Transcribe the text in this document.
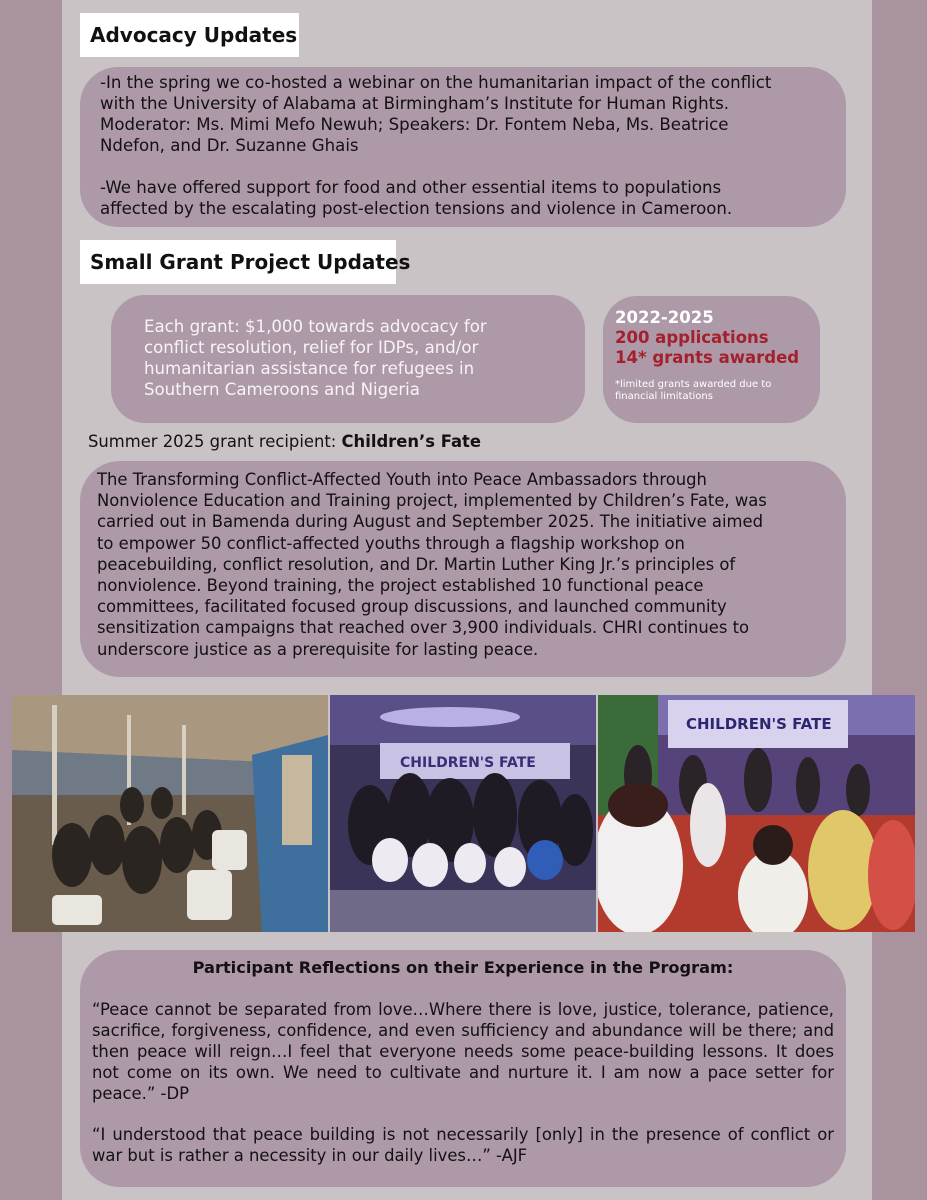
Advocacy Updates

-In the spring we co-hosted a webinar on the humanitarian impact of the conflict
with the University of Alabama at Birmingham’s Institute for Human Rights.
Moderator: Ms. Mimi Mefo Newuh; Speakers: Dr. Fontem Neba, Ms. Beatrice
Ndefon, and Dr. Suzanne Ghais

-We have offered support for food and other essential items to populations
affected by the escalating post-election tensions and violence in Cameroon.

Small Grant Project Updates

Each grant: $1,000 towards advocacy for
conflict resolution, relief for IDPs, and/or
humanitarian assistance for refugees in
Southern Cameroons and Nigeria

2022-2025
200 applications
14* grants awarded
*limited grants awarded due to
financial limitations
Summer 2025 grant recipient: Children’s Fate

The Transforming Conflict-Affected Youth into Peace Ambassadors through
Nonviolence Education and Training project, implemented by Children’s Fate, was
carried out in Bamenda during August and September 2025. The initiative aimed
to empower 50 conflict-affected youths through a flagship workshop on
peacebuilding, conflict resolution, and Dr. Martin Luther King Jr.’s principles of
nonviolence. Beyond training, the project established 10 functional peace
committees, facilitated focused group discussions, and launched community
sensitization campaigns that reached over 3,900 individuals. CHRI continues to
underscore justice as a prerequisite for lasting peace.

CHILDREN'S FATE
CHILDREN'S FATE

Participant Reflections on their Experience in the Program:

“Peace cannot be separated from love…Where there is love, justice, tolerance, patience, sacrifice, forgiveness, confidence, and even sufficiency and abundance will be there; and then peace will reign…I feel that everyone needs some peace-building lessons. It does not come on its own. We need to cultivate and nurture it. I am now a pace setter for peace.” -DP

“I understood that peace building is not necessarily [only] in the presence of conflict or war but is rather a necessity in our daily lives…” -AJF
